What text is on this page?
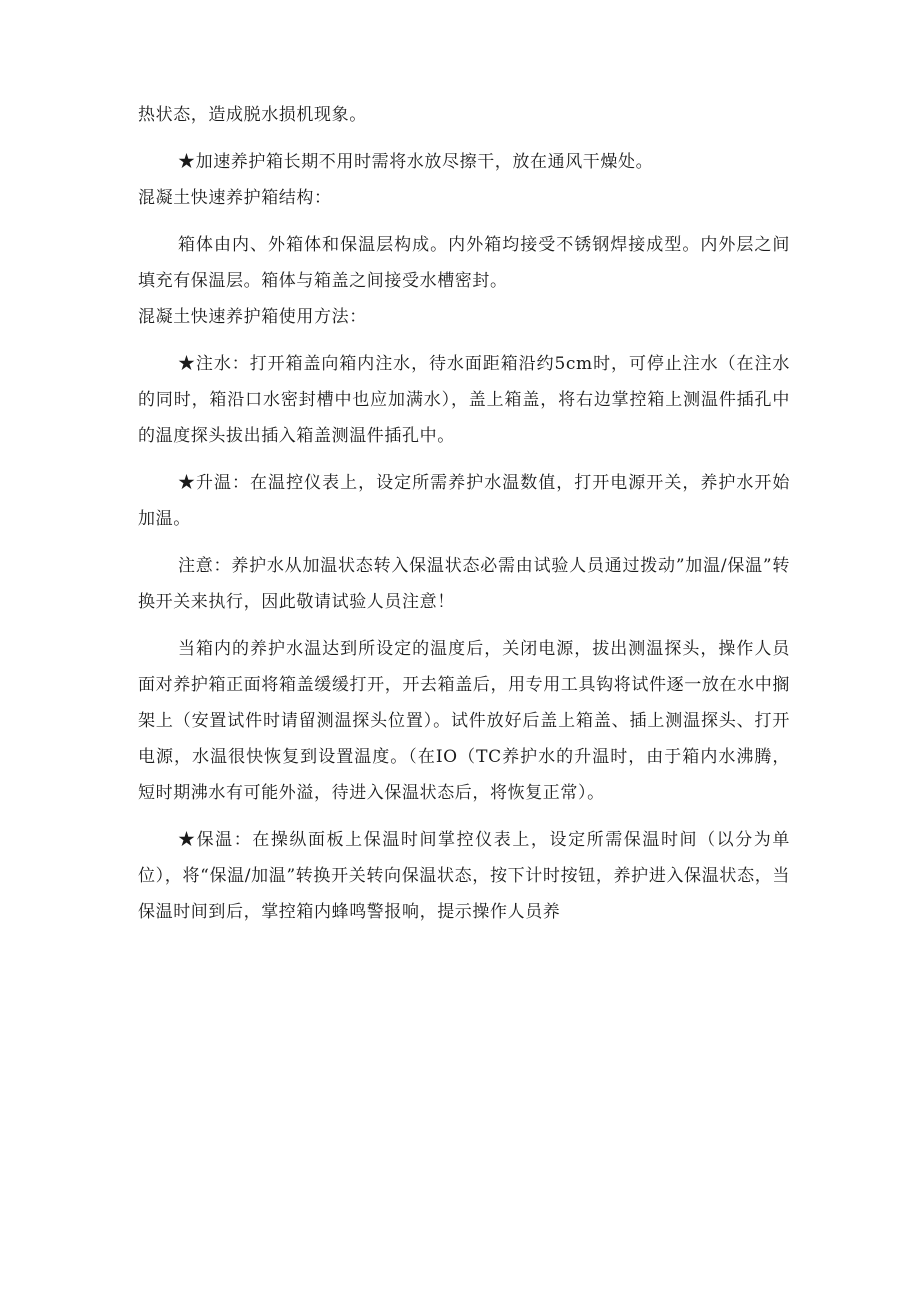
热状态，造成脱水损机现象。

★加速养护箱长期不用时需将水放尽擦干，放在通风干燥处。

混凝土快速养护箱结构：

箱体由内、外箱体和保温层构成。内外箱均接受不锈钢焊接成型。内外层之间填充有保温层。箱体与箱盖之间接受水槽密封。

混凝土快速养护箱使用方法：

★注水：打开箱盖向箱内注水，待水面距箱沿约5cm时，可停止注水（在注水的同时，箱沿口水密封槽中也应加满水），盖上箱盖，将右边掌控箱上测温件插孔中的温度探头拔出插入箱盖测温件插孔中。

★升温：在温控仪表上，设定所需养护水温数值，打开电源开关，养护水开始加温。

注意：养护水从加温状态转入保温状态必需由试验人员通过拨动”加温/保温”转换开关来执行，因此敬请试验人员注意！

当箱内的养护水温达到所设定的温度后，关闭电源，拔出测温探头，操作人员面对养护箱正面将箱盖缓缓打开，开去箱盖后，用专用工具钩将试件逐一放在水中搁架上（安置试件时请留测温探头位置）。试件放好后盖上箱盖、插上测温探头、打开电源，水温很快恢复到设置温度。（在IO（TC养护水的升温时，由于箱内水沸腾，短时期沸水有可能外溢，待进入保温状态后，将恢复正常）。

★保温：在操纵面板上保温时间掌控仪表上，设定所需保温时间（以分为单位），将“保温/加温”转换开关转向保温状态，按下计时按钮，养护进入保温状态，当保温时间到后，掌控箱内蜂鸣警报响，提示操作人员养
